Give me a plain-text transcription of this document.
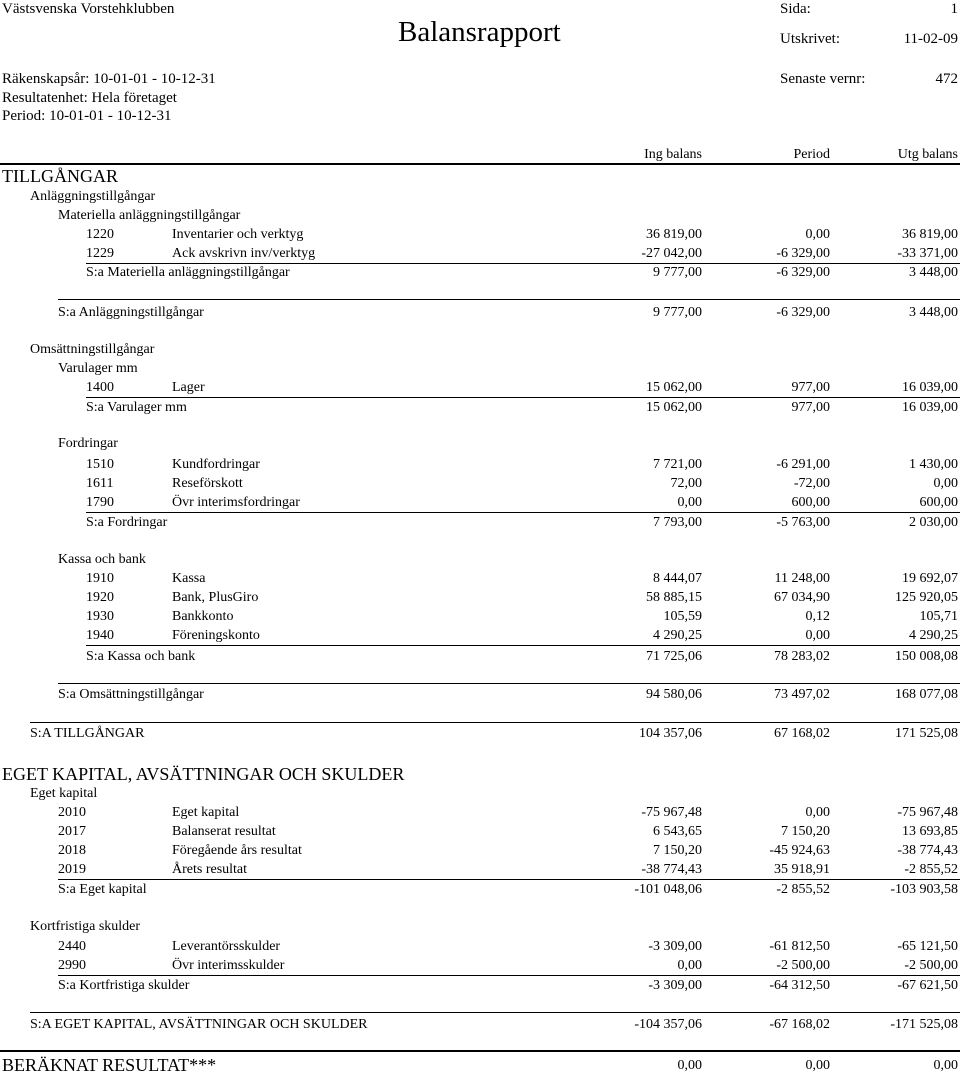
Västsvenska Vorstehklubben
Balansrapport
Sida:	1
Utskrivet:	11-02-09
Räkenskapsår: 10-01-01 - 10-12-31	Senaste vernr:	472
Resultatenhet: Hela företaget
Period: 10-01-01 - 10-12-31
Ing balans	Period	Utg balans
TILLGÅNGAR
Anläggningstillgångar
Materiella anläggningstillgångar
1220	Inventarier och verktyg	36 819,00	0,00	36 819,00
1229	Ack avskrivn inv/verktyg	-27 042,00	-6 329,00	-33 371,00
S:a Materiella anläggningstillgångar	9 777,00	-6 329,00	3 448,00
S:a Anläggningstillgångar	9 777,00	-6 329,00	3 448,00
Omsättningstillgångar
Varulager mm
1400	Lager	15 062,00	977,00	16 039,00
S:a Varulager mm	15 062,00	977,00	16 039,00
Fordringar
1510	Kundfordringar	7 721,00	-6 291,00	1 430,00
1611	Reseförskott	72,00	-72,00	0,00
1790	Övr interimsfordringar	0,00	600,00	600,00
S:a Fordringar	7 793,00	-5 763,00	2 030,00
Kassa och bank
1910	Kassa	8 444,07	11 248,00	19 692,07
1920	Bank, PlusGiro	58 885,15	67 034,90	125 920,05
1930	Bankkonto	105,59	0,12	105,71
1940	Föreningskonto	4 290,25	0,00	4 290,25
S:a Kassa och bank	71 725,06	78 283,02	150 008,08
S:a Omsättningstillgångar	94 580,06	73 497,02	168 077,08
S:A TILLGÅNGAR	104 357,06	67 168,02	171 525,08
EGET KAPITAL, AVSÄTTNINGAR OCH SKULDER
Eget kapital
2010	Eget kapital	-75 967,48	0,00	-75 967,48
2017	Balanserat resultat	6 543,65	7 150,20	13 693,85
2018	Föregående års resultat	7 150,20	-45 924,63	-38 774,43
2019	Årets resultat	-38 774,43	35 918,91	-2 855,52
S:a Eget kapital	-101 048,06	-2 855,52	-103 903,58
Kortfristiga skulder
2440	Leverantörsskulder	-3 309,00	-61 812,50	-65 121,50
2990	Övr interimsskulder	0,00	-2 500,00	-2 500,00
S:a Kortfristiga skulder	-3 309,00	-64 312,50	-67 621,50
S:A EGET KAPITAL, AVSÄTTNINGAR OCH SKULDER	-104 357,06	-67 168,02	-171 525,08
BERÄKNAT RESULTAT***	0,00	0,00	0,00
